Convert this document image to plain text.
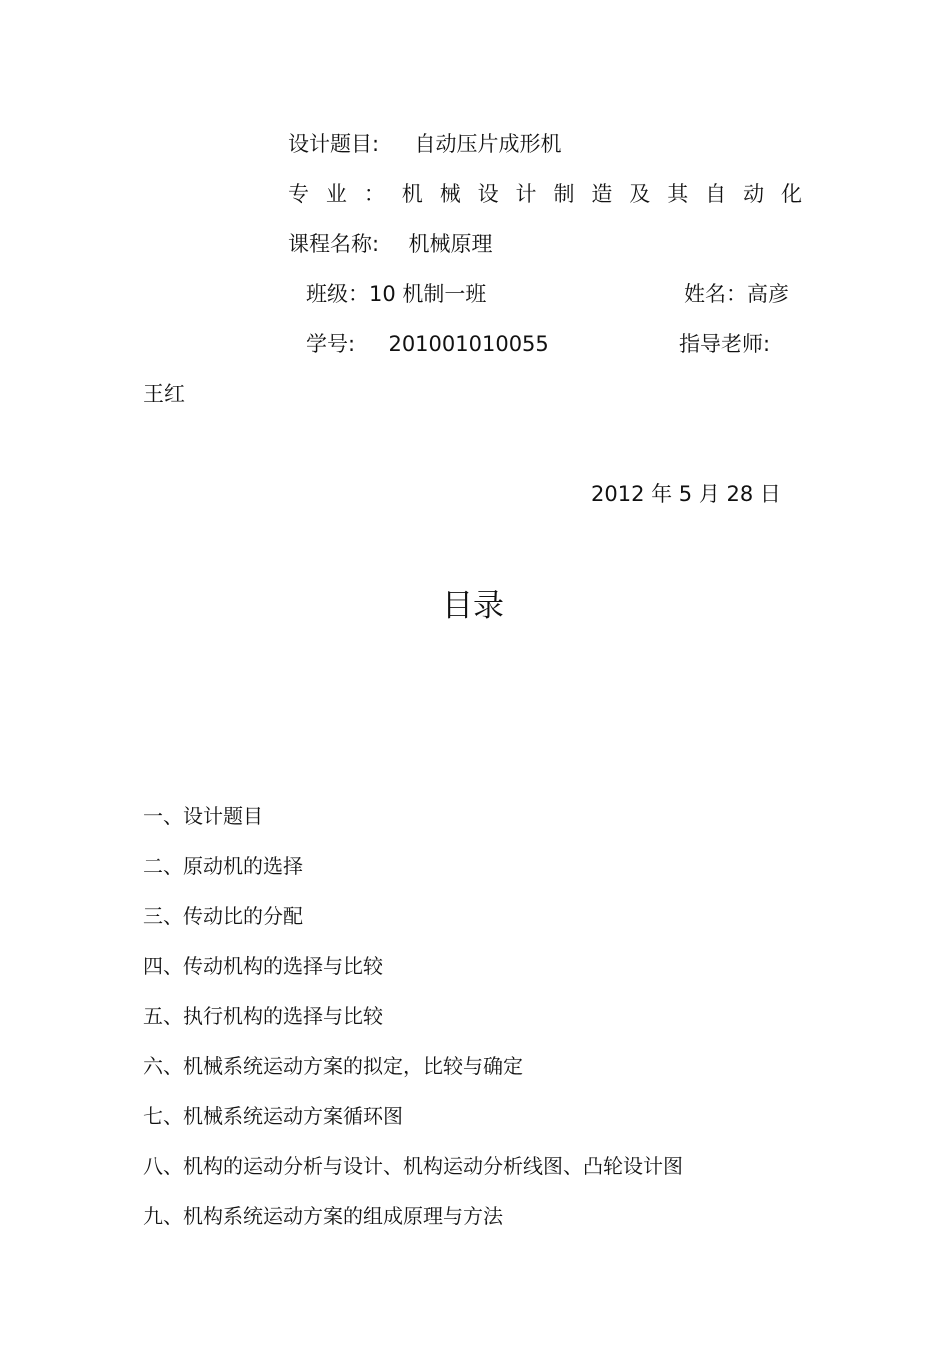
设计题目: 自动压片成形机
专 业 ： 机 械 设 计 制 造 及 其 自 动 化
课程名称: 机械原理
班级：10 机制一班	姓名：高彦
学号: 201001010055	指导老师:
王红
2012 年 5 月 28 日
目录
一、设计题目
二、原动机的选择
三、传动比的分配
四、传动机构的选择与比较
五、执行机构的选择与比较
六、机械系统运动方案的拟定，比较与确定
七、机械系统运动方案循环图
八、机构的运动分析与设计、机构运动分析线图、凸轮设计图
九、机构系统运动方案的组成原理与方法
